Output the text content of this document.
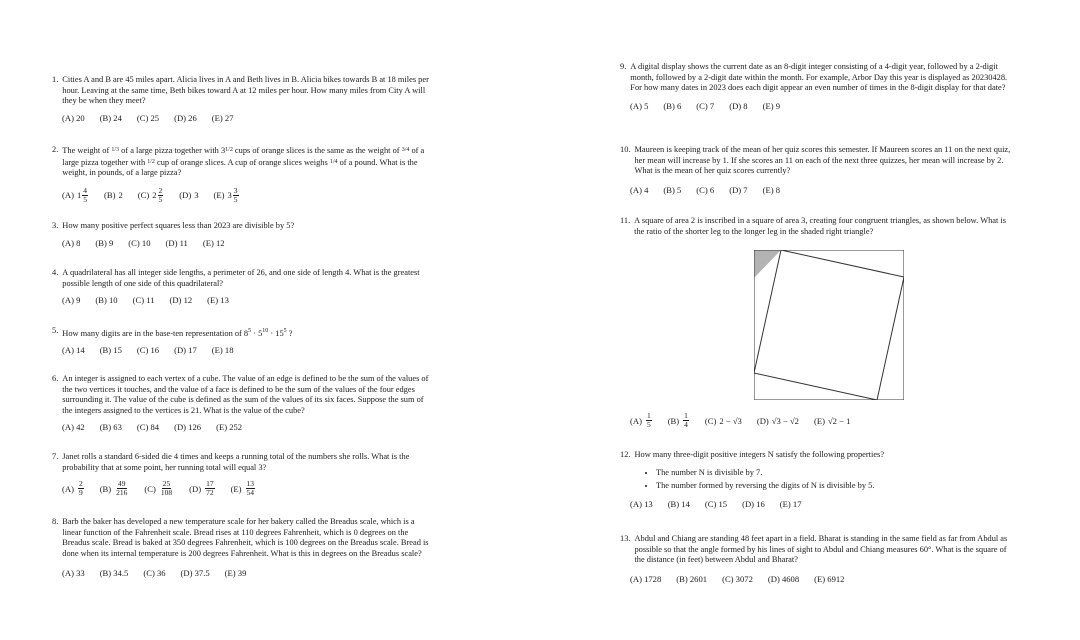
1. Cities A and B are 45 miles apart. Alicia lives in A and Beth lives in B. Alicia bikes towards B at 18 miles per hour. Leaving at the same time, Beth bikes toward A at 12 miles per hour. How many miles from City A will they be when they meet?
(A) 20 (B) 24 (C) 25 (D) 26 (E) 27
2. The weight of $^{1/3}$ of a large pizza together with $3^{1/2}$ cups of orange slices is the same as the weight of $^{3/4}$ of a large pizza together with $^{1/2}$ cup of orange slices. A cup of orange slices weighs $^{1/4}$ of a pound. What is the weight, in pounds, of a large pizza?
(A) $1 \frac{4}{5} (B)$ 2 (C) $2 \frac{2}{5} (D)$ 3 (E) $3 \frac{3}{5}$
3. How many positive perfect squares less than 2023 are divisible by 5?
(A) 8 (B) 9 (C) 10 (D) 11 (E) 12
4. A quadrilateral has all integer side lengths, a perimeter of 26, and one side of length 4. What is the greatest possible length of one side of this quadrilateral?
(A) 9 (B) 10 (C) 11 (D) 12 (E) 13
5. How many digits are in the base-ten representation of $8^5 \cdot 5^{10} \cdot 15^5$ ?
(A) 14 (B) 15 (C) 16 (D) 17 (E) 18
6. An integer is assigned to each vertex of a cube. The value of an edge is defined to be the sum of the values of the two vertices it touches, and the value of a face is defined to be the sum of the values of the four edges surrounding it. The value of the cube is defined as the sum of the values of its six faces. Suppose the sum of the integers assigned to the vertices is 21. What is the value of the cube?
(A) 42 (B) 63 (C) 84 (D) 126 (E) 252
7. Janet rolls a standard 6-sided die 4 times and keeps a running total of the numbers she rolls. What is the probability that at some point, her running total will equal 3?
$(A) \frac{2}{9} (B) \frac{49}{216} (C) \frac{25}{108} (D) \frac{17}{72} (E) \frac{13}{54}$
8. Barb the baker has developed a new temperature scale for her bakery called the Breadus scale, which is a linear function of the Fahrenheit scale. Bread rises at 110 degrees Fahrenheit, which is 0 degrees on the Breadus scale. Bread is baked at 350 degrees Fahrenheit, which is 100 degrees on the Breadus scale. Bread is done when its internal temperature is 200 degrees Fahrenheit. What is this in degrees on the Breadus scale?
(A) 33 (B) 34.5 (C) 36 (D) 37.5 (E) 39
9. A digital display shows the current date as an 8-digit integer consisting of a 4-digit year, followed by a 2-digit month, followed by a 2-digit date within the month. For example, Arbor Day this year is displayed as 20230428. For how many dates in 2023 does each digit appear an even number of times in the 8-digit display for that date?
(A) 5 (B) 6 (C) 7 (D) 8 (E) 9
10. Maureen is keeping track of the mean of her quiz scores this semester. If Maureen scores an 11 on the next quiz, her mean will increase by 1. If she scores an 11 on each of the next three quizzes, her mean will increase by 2. What is the mean of her quiz scores currently?
(A) 4 (B) 5 (C) 6 (D) 7 (E) 8
11. A square of area 2 is inscribed in a square of area 3, creating four congruent triangles, as shown below. What is the ratio of the shorter leg to the longer leg in the shaded right triangle?
$(A) \frac{1}{5} (B) \frac{1}{4} (C) 2 - √3$ (D) √3 − √2 (E) √2 − 1
12. How many three-digit positive integers N satisfy the following properties?
• The number N is divisible by 7.
• The number formed by reversing the digits of N is divisible by 5.
(A) 13 (B) 14 (C) 15 (D) 16 (E) 17
13. Abdul and Chiang are standing 48 feet apart in a field. Bharat is standing in the same field as far from Abdul as possible so that the angle formed by his lines of sight to Abdul and Chiang measures 60°. What is the square of the distance (in feet) between Abdul and Bharat?
(A) 1728 (B) 2601 (C) 3072 (D) 4608 (E) 6912
